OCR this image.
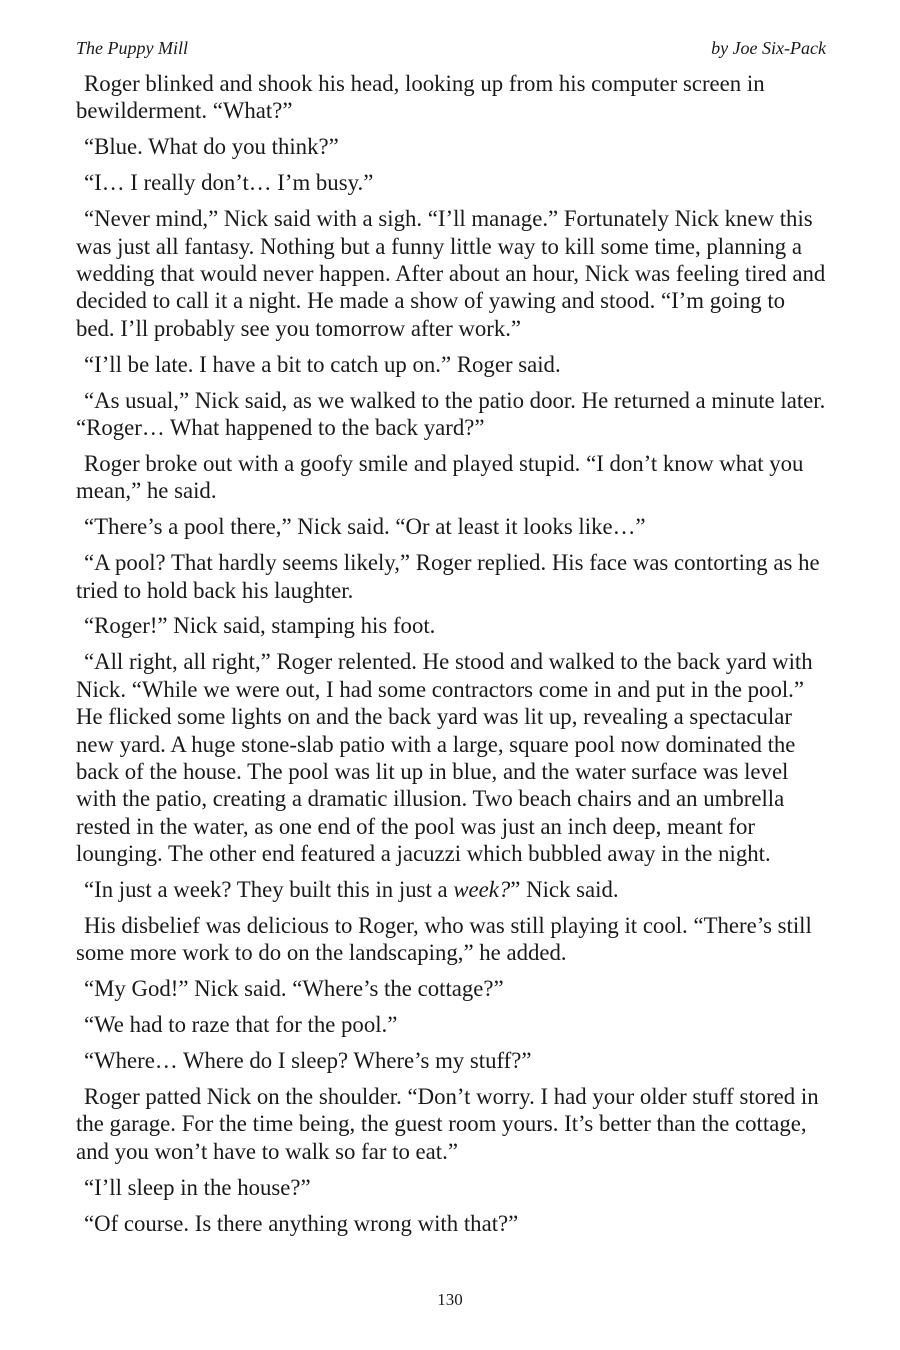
The Puppy Mill	by Joe Six-Pack

Roger blinked and shook his head, looking up from his computer screen in bewilderment. “What?”

“Blue. What do you think?”

“I… I really don’t… I’m busy.”

“Never mind,” Nick said with a sigh. “I’ll manage.” Fortunately Nick knew this was just all fantasy. Nothing but a funny little way to kill some time, planning a wedding that would never happen. After about an hour, Nick was feeling tired and decided to call it a night. He made a show of yawing and stood. “I’m going to bed. I’ll probably see you tomorrow after work.”

“I’ll be late. I have a bit to catch up on.” Roger said.

“As usual,” Nick said, as we walked to the patio door. He returned a minute later. “Roger… What happened to the back yard?”

Roger broke out with a goofy smile and played stupid. “I don’t know what you mean,” he said.

“There’s a pool there,” Nick said. “Or at least it looks like…”

“A pool? That hardly seems likely,” Roger replied. His face was contorting as he tried to hold back his laughter.

“Roger!” Nick said, stamping his foot.

“All right, all right,” Roger relented. He stood and walked to the back yard with Nick. “While we were out, I had some contractors come in and put in the pool.” He flicked some lights on and the back yard was lit up, revealing a spectacular new yard. A huge stone-slab patio with a large, square pool now dominated the back of the house. The pool was lit up in blue, and the water surface was level with the patio, creating a dramatic illusion. Two beach chairs and an umbrella rested in the water, as one end of the pool was just an inch deep, meant for lounging. The other end featured a jacuzzi which bubbled away in the night.

“In just a week? They built this in just a week?” Nick said.

His disbelief was delicious to Roger, who was still playing it cool. “There’s still some more work to do on the landscaping,” he added.

“My God!” Nick said. “Where’s the cottage?”

“We had to raze that for the pool.”

“Where… Where do I sleep? Where’s my stuff?”

Roger patted Nick on the shoulder. “Don’t worry. I had your older stuff stored in the garage. For the time being, the guest room yours. It’s better than the cottage, and you won’t have to walk so far to eat.”

“I’ll sleep in the house?”

“Of course. Is there anything wrong with that?”

130
